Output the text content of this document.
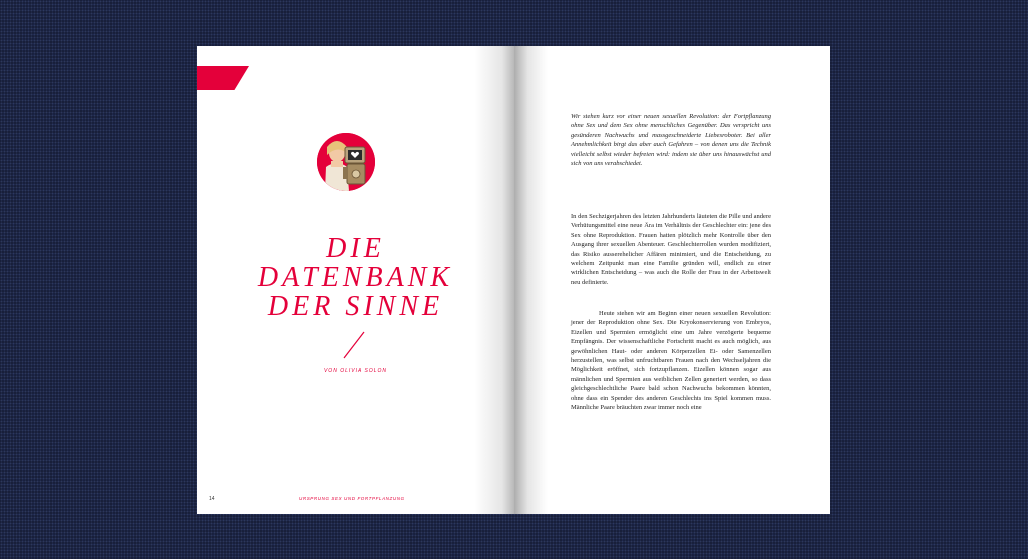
DIE
DATENBANK
DER SINNE
VON OLIVIA SOLON
14	URSPRUNG SEX UND FORTPFLANZUNG

Wir stehen kurz vor einer neuen sexuellen Revolution: der Fortpflanzung ohne Sex und dem Sex ohne menschliches Gegenüber. Das verspricht uns gesünderen Nachwuchs und massgeschneiderte Liebesroboter. Bei aller Annehmlichkeit birgt das aber auch Gefahren – von denen uns die Technik vielleicht selbst wieder befreien wird: indem sie über uns hinauswächst und sich von uns verabschiedet.

In den Sechzigerjahren des letzten Jahrhunderts läuteten die Pille und andere Verhütungsmittel eine neue Ära im Verhältnis der Geschlechter ein: jene des Sex ohne Reproduktion. Frauen hatten plötzlich mehr Kontrolle über den Ausgang ihrer sexuellen Abenteuer. Geschlechterrollen wurden modifiziert, das Risiko ausserehelicher Affären minimiert, und die Entscheidung, zu welchem Zeitpunkt man eine Familie gründen will, endlich zu einer wirklichen Entscheidung – was auch die Rolle der Frau in der Arbeitswelt neu definierte.

Heute stehen wir am Beginn einer neuen sexuellen Revolution: jener der Reproduktion ohne Sex. Die Kryokonservierung von Embryos, Eizellen und Spermien ermöglicht eine um Jahre verzögerte bequeme Empfängnis. Der wissenschaftliche Fortschritt macht es auch möglich, aus gewöhnlichen Haut- oder anderen Körperzellen Ei- oder Samenzellen herzustellen, was selbst unfruchtbaren Frauen nach den Wechseljahren die Möglichkeit eröffnet, sich fortzupflanzen. Eizellen können sogar aus männlichen und Spermien aus weiblichen Zellen generiert werden, so dass gleichgeschlechtliche Paare bald schon Nachwuchs bekommen könnten, ohne dass ein Spender des anderen Geschlechts ins Spiel kommen muss. Männliche Paare bräuchten zwar immer noch eine
